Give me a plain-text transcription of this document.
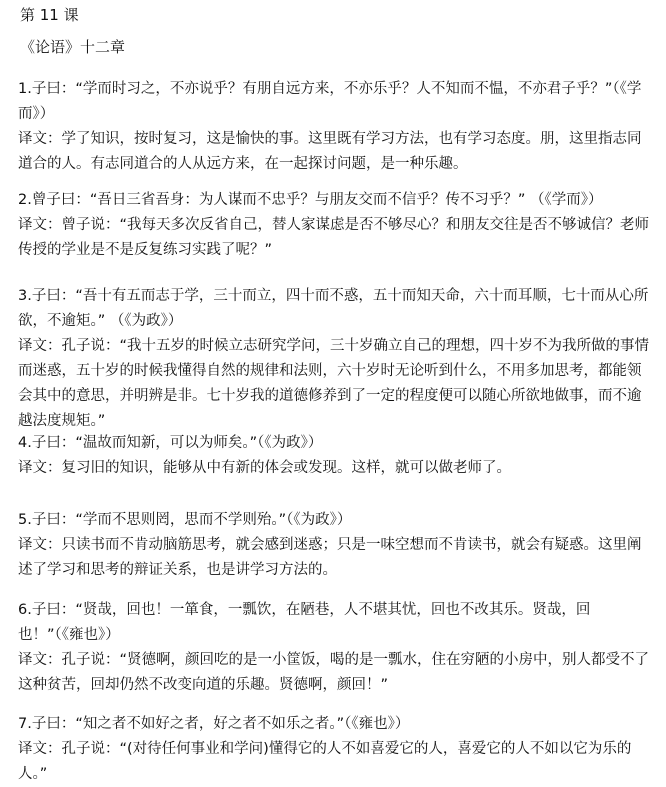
第 11 课
《论语》十二章
1.子曰：“学而时习之，不亦说乎？有朋自远方来，不亦乐乎？人不知而不愠，不亦君子乎？”（《学而》）
译文：学了知识，按时复习，这是愉快的事。这里既有学习方法，也有学习态度。朋，这里指志同道合的人。有志同道合的人从远方来，在一起探讨问题，是一种乐趣。
2.曾子曰：“吾日三省吾身：为人谋而不忠乎？与朋友交而不信乎？传不习乎？” （《学而》）
译文：曾子说：“我每天多次反省自己，替人家谋虑是否不够尽心？和朋友交往是否不够诚信？老师传授的学业是不是反复练习实践了呢？”
3.子曰：“吾十有五而志于学，三十而立，四十而不惑，五十而知天命，六十而耳顺，七十而从心所欲，不逾矩。” （《为政》）
译文：孔子说：“我十五岁的时候立志研究学问，三十岁确立自己的理想，四十岁不为我所做的事情而迷惑，五十岁的时候我懂得自然的规律和法则，六十岁时无论听到什么，不用多加思考，都能领会其中的意思，并明辨是非。七十岁我的道德修养到了一定的程度便可以随心所欲地做事，而不逾越法度规矩。”
4.子曰：“温故而知新，可以为师矣。”（《为政》）
译文：复习旧的知识，能够从中有新的体会或发现。这样，就可以做老师了。
5.子曰：“学而不思则罔，思而不学则殆。”（《为政》）
译文：只读书而不肯动脑筋思考，就会感到迷惑；只是一味空想而不肯读书，就会有疑惑。这里阐述了学习和思考的辩证关系，也是讲学习方法的。
6.子曰：“贤哉，回也！一箪食，一瓢饮，在陋巷，人不堪其忧，回也不改其乐。贤哉，回也！”（《雍也》）
译文：孔子说：“贤德啊，颜回吃的是一小筐饭，喝的是一瓢水，住在穷陋的小房中，别人都受不了这种贫苦，回却仍然不改变向道的乐趣。贤德啊，颜回！”
7.子曰：“知之者不如好之者，好之者不如乐之者。”（《雍也》）
译文：孔子说：“(对待任何事业和学问)懂得它的人不如喜爱它的人，喜爱它的人不如以它为乐的人。”
